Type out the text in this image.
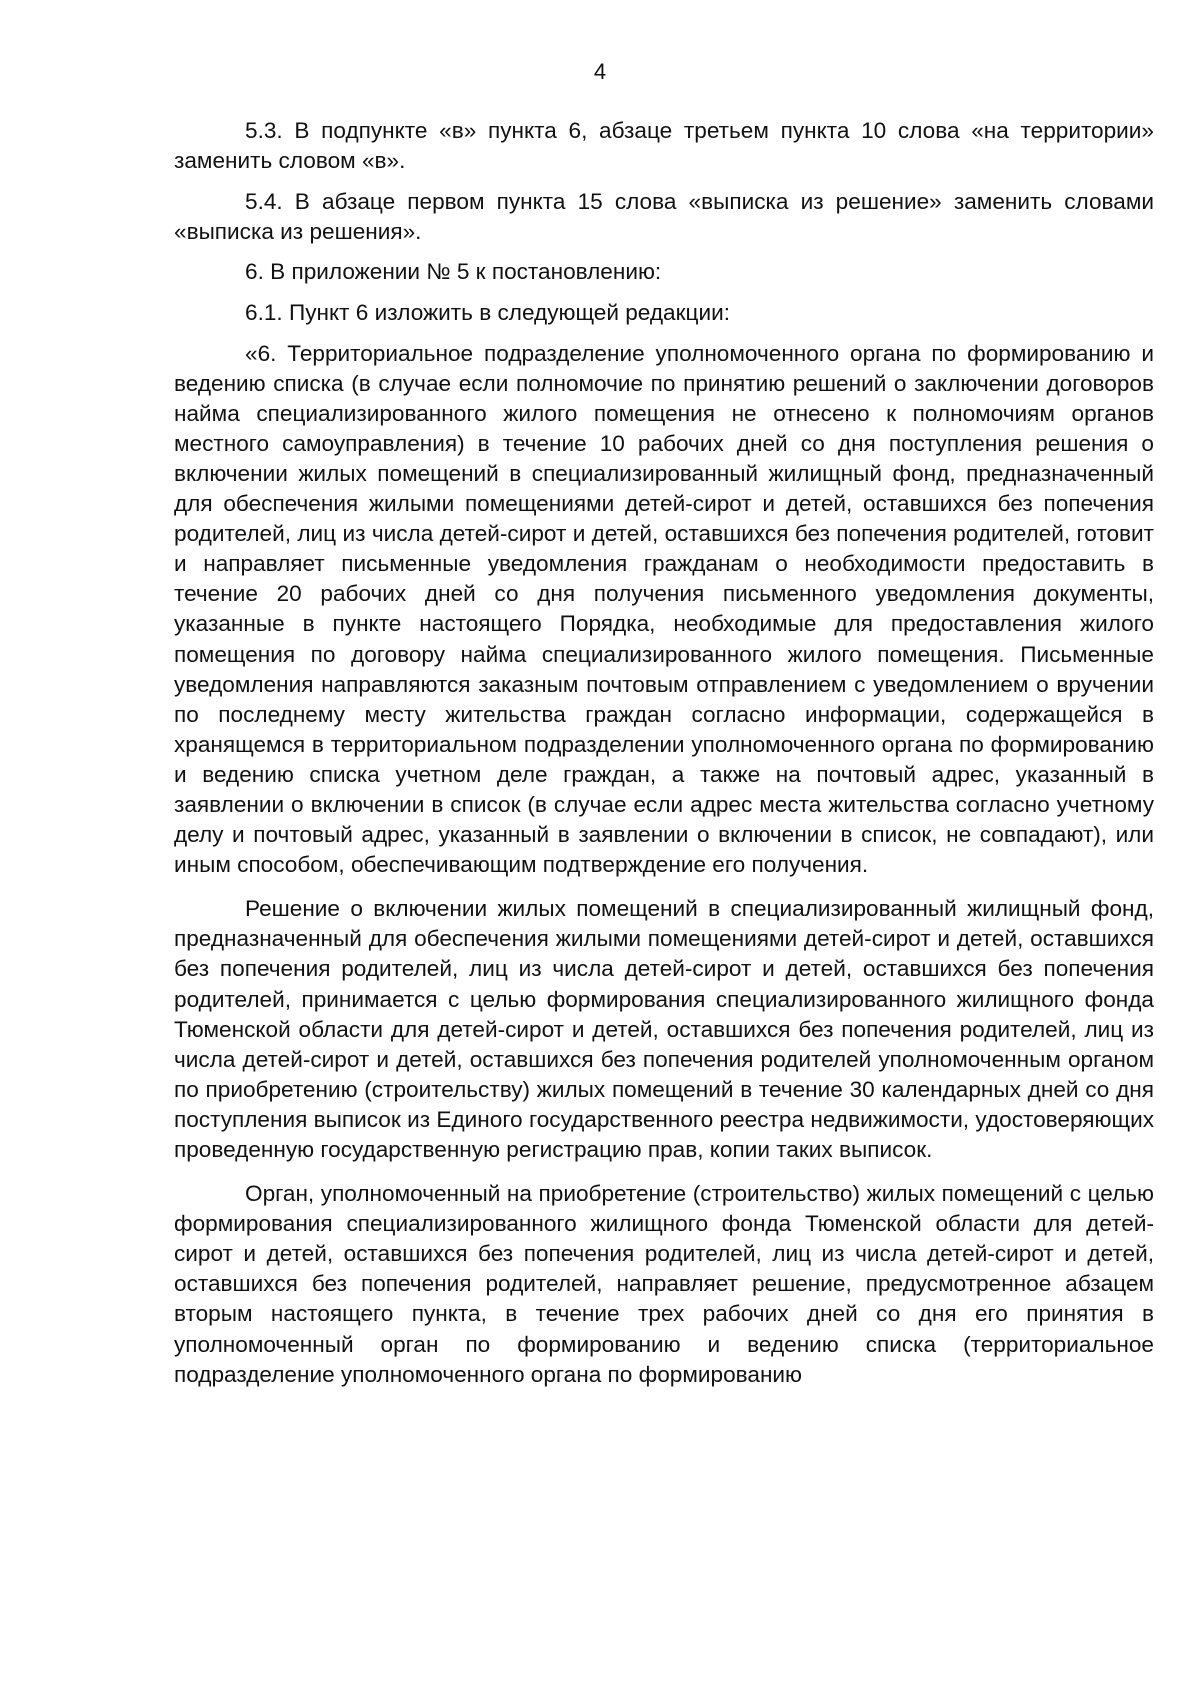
4

5.3. В подпункте «в» пункта 6, абзаце третьем пункта 10 слова «на территории» заменить словом «в».

5.4. В абзаце первом пункта 15 слова «выписка из решение» заменить словами «выписка из решения».

6. В приложении № 5 к постановлению:

6.1. Пункт 6 изложить в следующей редакции:

«6. Территориальное подразделение уполномоченного органа по формированию и ведению списка (в случае если полномочие по принятию решений о заключении договоров найма специализированного жилого помещения не отнесено к полномочиям органов местного самоуправления) в течение 10 рабочих дней со дня поступления решения о включении жилых помещений в специализированный жилищный фонд, предназначенный для обеспечения жилыми помещениями детей-сирот и детей, оставшихся без попечения родителей, лиц из числа детей-сирот и детей, оставшихся без попечения родителей, готовит и направляет письменные уведомления гражданам о необходимости предоставить в течение 20 рабочих дней со дня получения письменного уведомления документы, указанные в пункте настоящего Порядка, необходимые для предоставления жилого помещения по договору найма специализированного жилого помещения. Письменные уведомления направляются заказным почтовым отправлением с уведомлением о вручении по последнему месту жительства граждан согласно информации, содержащейся в хранящемся в территориальном подразделении уполномоченного органа по формированию и ведению списка учетном деле граждан, а также на почтовый адрес, указанный в заявлении о включении в список (в случае если адрес места жительства согласно учетному делу и почтовый адрес, указанный в заявлении о включении в список, не совпадают), или иным способом, обеспечивающим подтверждение его получения.

Решение о включении жилых помещений в специализированный жилищный фонд, предназначенный для обеспечения жилыми помещениями детей-сирот и детей, оставшихся без попечения родителей, лиц из числа детей-сирот и детей, оставшихся без попечения родителей, принимается с целью формирования специализированного жилищного фонда Тюменской области для детей-сирот и детей, оставшихся без попечения родителей, лиц из числа детей-сирот и детей, оставшихся без попечения родителей уполномоченным органом по приобретению (строительству) жилых помещений в течение 30 календарных дней со дня поступления выписок из Единого государственного реестра недвижимости, удостоверяющих проведенную государственную регистрацию прав, копии таких выписок.

Орган, уполномоченный на приобретение (строительство) жилых помещений с целью формирования специализированного жилищного фонда Тюменской области для детей-сирот и детей, оставшихся без попечения родителей, лиц из числа детей-сирот и детей, оставшихся без попечения родителей, направляет решение, предусмотренное абзацем вторым настоящего пункта, в течение трех рабочих дней со дня его принятия в уполномоченный орган по формированию и ведению списка (территориальное подразделение уполномоченного органа по формированию
